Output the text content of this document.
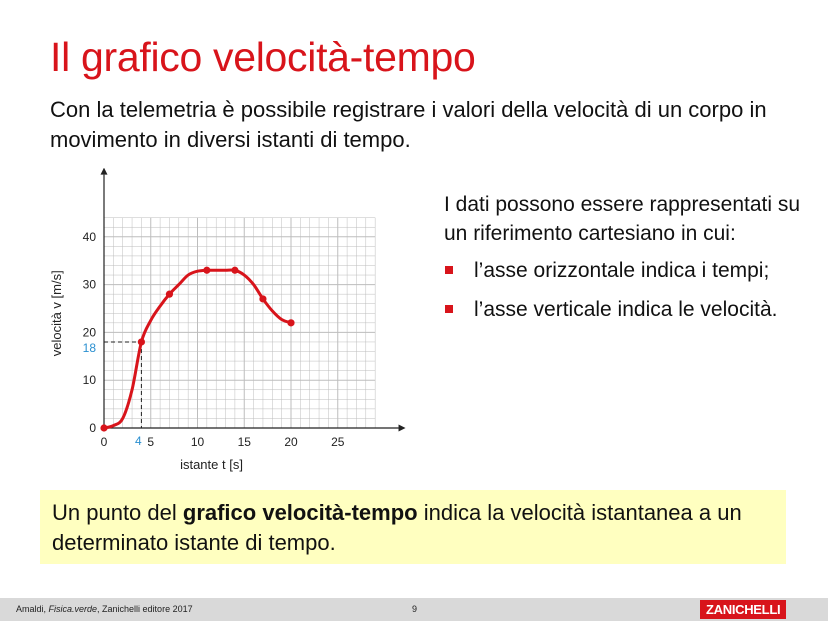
Il grafico velocità-tempo
Con la telemetria è possibile registrare i valori della velocità di un corpo in movimento in diversi istanti di tempo.
0	5	10	15	20	25
0
10
20
30
40
4
18
istante t [s]
velocità v [m/s]
I dati possono essere rappresentati su un riferimento cartesiano in cui:
l’asse orizzontale indica i tempi;
l’asse verticale indica le velocità.
Un punto del grafico velocità-tempo indica la velocità istantanea a un determinato istante di tempo.
Amaldi, Fisica.verde, Zanichelli editore 2017	9	ZANICHELLI
